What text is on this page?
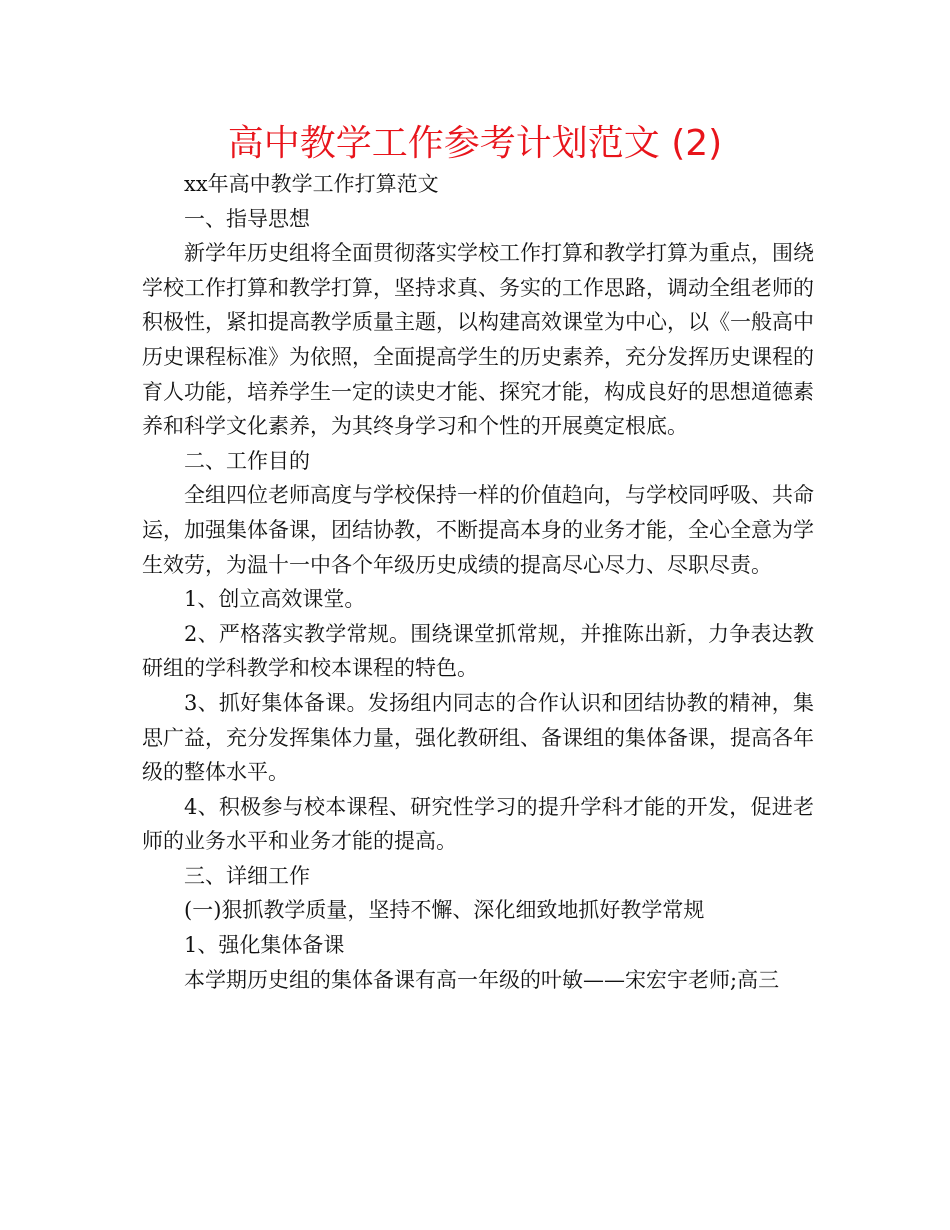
高中教学工作参考计划范文 (2)

xx年高中教学工作打算范文

一、指导思想

新学年历史组将全面贯彻落实学校工作打算和教学打算为重点，围绕学校工作打算和教学打算，坚持求真、务实的工作思路，调动全组老师的积极性，紧扣提高教学质量主题，以构建高效课堂为中心，以《一般高中历史课程标准》为依照，全面提高学生的历史素养，充分发挥历史课程的育人功能，培养学生一定的读史才能、探究才能，构成良好的思想道德素养和科学文化素养，为其终身学习和个性的开展奠定根底。

二、工作目的

全组四位老师高度与学校保持一样的价值趋向，与学校同呼吸、共命运，加强集体备课，团结协教，不断提高本身的业务才能，全心全意为学生效劳，为温十一中各个年级历史成绩的提高尽心尽力、尽职尽责。

1、创立高效课堂。

2、严格落实教学常规。围绕课堂抓常规，并推陈出新，力争表达教研组的学科教学和校本课程的特色。

3、抓好集体备课。发扬组内同志的合作认识和团结协教的精神，集思广益，充分发挥集体力量，强化教研组、备课组的集体备课，提高各年级的整体水平。

4、积极参与校本课程、研究性学习的提升学科才能的开发，促进老师的业务水平和业务才能的提高。

三、详细工作

(一)狠抓教学质量，坚持不懈、深化细致地抓好教学常规

1、强化集体备课

本学期历史组的集体备课有高一年级的叶敏——宋宏宇老师;高三
